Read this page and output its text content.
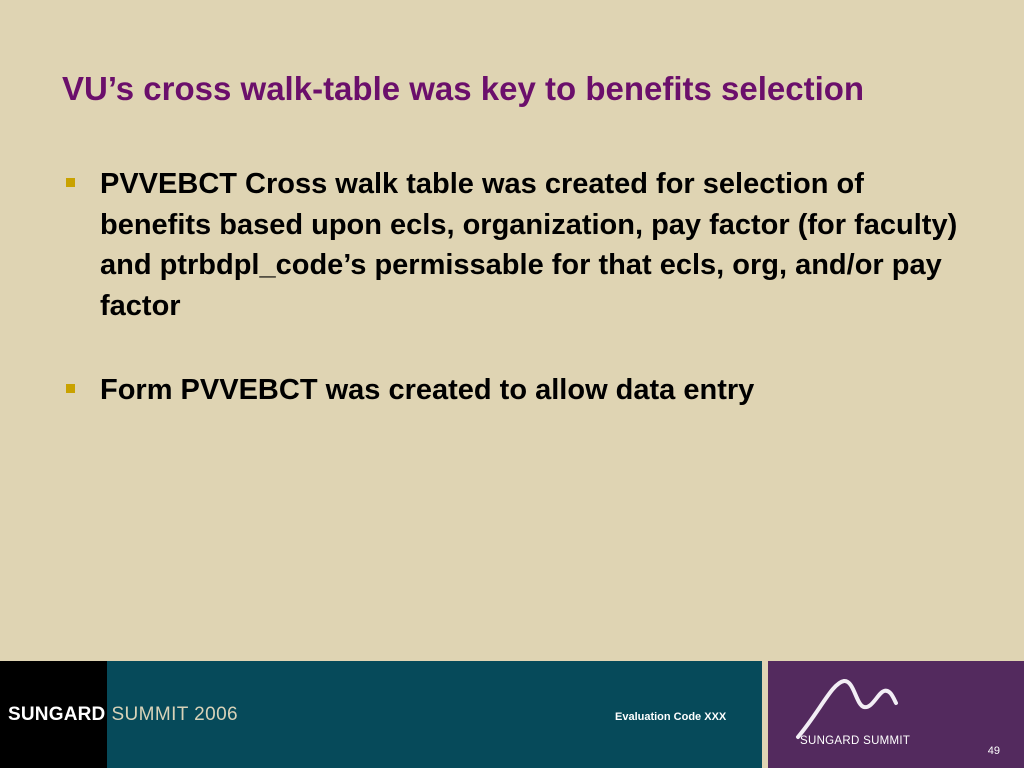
VU’s cross walk-table was key to benefits selection
PVVEBCT Cross walk table was created for selection of benefits based upon ecls, organization, pay factor (for faculty) and ptrbdpl_code’s permissable for that ecls, org, and/or pay factor
Form PVVEBCT was created to allow data entry
SUNGARD SUMMIT
49
SUNGARD SUMMIT 2006	Evaluation Code XXX
